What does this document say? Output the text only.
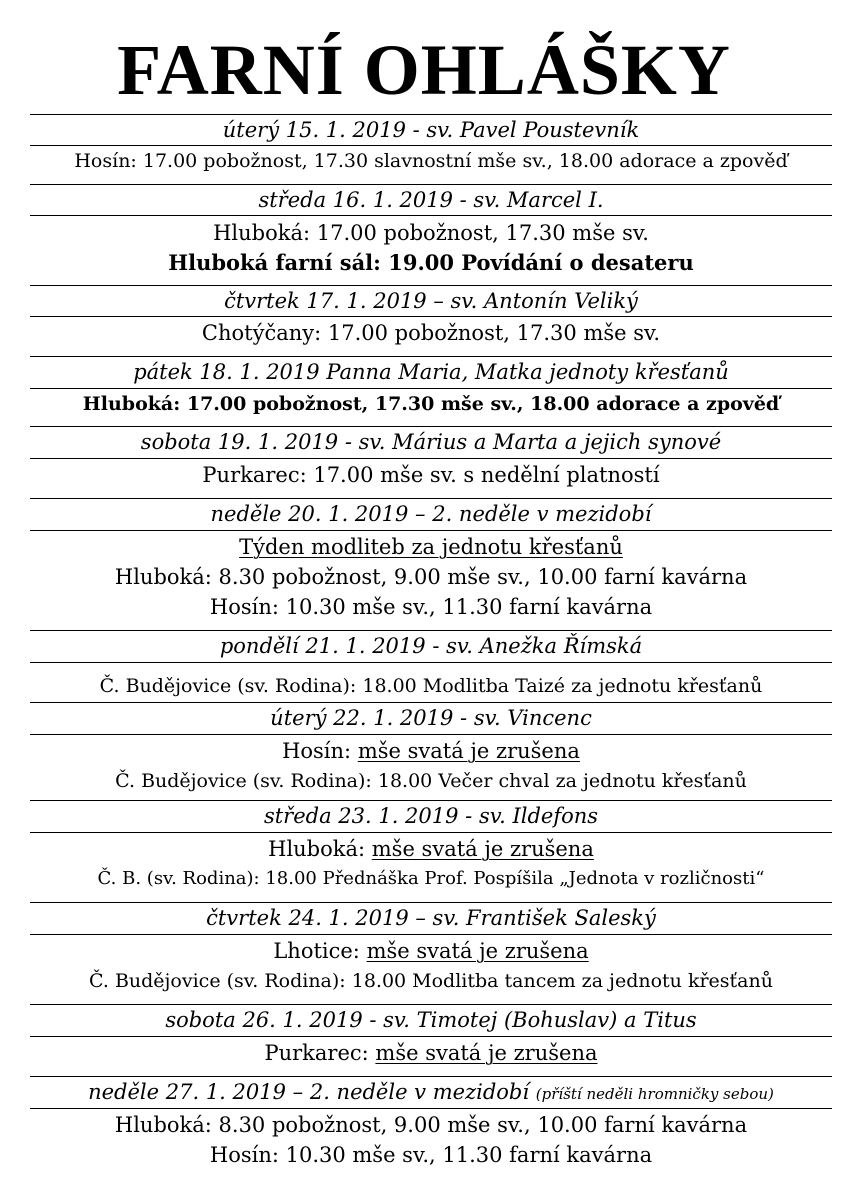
FARNÍ OHLÁŠKY
úterý 15. 1. 2019 - sv. Pavel Poustevník
Hosín: 17.00 pobožnost, 17.30 slavnostní mše sv., 18.00 adorace a zpověď
středa 16. 1. 2019 - sv. Marcel I.
Hluboká: 17.00 pobožnost, 17.30 mše sv.
Hluboká farní sál: 19.00 Povídání o desateru
čtvrtek 17. 1. 2019 – sv. Antonín Veliký
Chotýčany: 17.00 pobožnost, 17.30 mše sv.
pátek 18. 1. 2019 Panna Maria, Matka jednoty křesťanů
Hluboká: 17.00 pobožnost, 17.30 mše sv., 18.00 adorace a zpověď
sobota 19. 1. 2019 - sv. Márius a Marta a jejich synové
Purkarec: 17.00 mše sv. s nedělní platností
neděle 20. 1. 2019 – 2. neděle v mezidobí
Týden modliteb za jednotu křesťanů
Hluboká: 8.30 pobožnost, 9.00 mše sv., 10.00 farní kavárna
Hosín: 10.30 mše sv., 11.30 farní kavárna
pondělí 21. 1. 2019 - sv. Anežka Římská
Č. Budějovice (sv. Rodina): 18.00 Modlitba Taizé za jednotu křesťanů
úterý 22. 1. 2019 - sv. Vincenc
Hosín: mše svatá je zrušena
Č. Budějovice (sv. Rodina): 18.00 Večer chval za jednotu křesťanů
středa 23. 1. 2019 - sv. Ildefons
Hluboká: mše svatá je zrušena
Č. B. (sv. Rodina): 18.00 Přednáška Prof. Pospíšila „Jednota v rozličnosti“
čtvrtek 24. 1. 2019 – sv. František Saleský
Lhotice: mše svatá je zrušena
Č. Budějovice (sv. Rodina): 18.00 Modlitba tancem za jednotu křesťanů
sobota 26. 1. 2019 - sv. Timotej (Bohuslav) a Titus
Purkarec: mše svatá je zrušena
neděle 27. 1. 2019 – 2. neděle v mezidobí (příští neděli hromničky sebou)
Hluboká: 8.30 pobožnost, 9.00 mše sv., 10.00 farní kavárna
Hosín: 10.30 mše sv., 11.30 farní kavárna
